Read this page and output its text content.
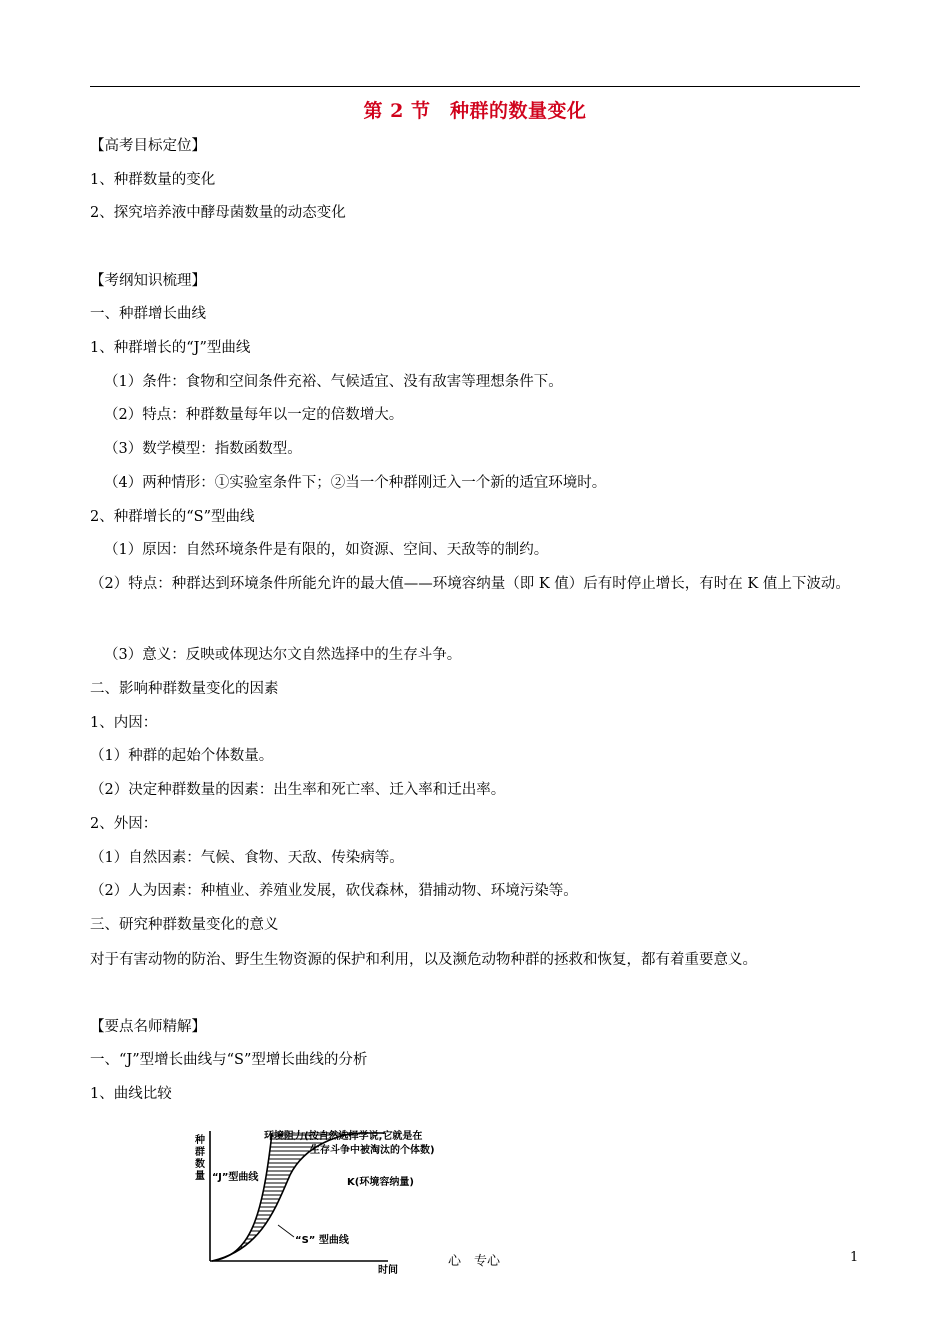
第 2 节　种群的数量变化
【高考目标定位】
1、种群数量的变化
2、探究培养液中酵母菌数量的动态变化
【考纲知识梳理】
一、种群增长曲线
1、种群增长的“J”型曲线
（1）条件：食物和空间条件充裕、气候适宜、没有敌害等理想条件下。
（2）特点：种群数量每年以一定的倍数增大。
（3）数学模型：指数函数型。
（4）两种情形：①实验室条件下；②当一个种群刚迁入一个新的适宜环境时。
2、种群增长的“S”型曲线
（1）原因：自然环境条件是有限的，如资源、空间、天敌等的制约。
（2）特点：种群达到环境条件所能允许的最大值——环境容纳量（即 K 值）后有时停止增长，有时在 K 值上下波动。
（3）意义：反映或体现达尔文自然选择中的生存斗争。
二、影响种群数量变化的因素
1、内因：
（1）种群的起始个体数量。
（2）决定种群数量的因素：出生率和死亡率、迁入率和迁出率。
2、外因：
（1）自然因素：气候、食物、天敌、传染病等。
（2）人为因素：种植业、养殖业发展，砍伐森林，猎捕动物、环境污染等。
三、研究种群数量变化的意义
对于有害动物的防治、野生生物资源的保护和利用，以及濒危动物种群的拯救和恢复，都有着重要意义。
【要点名师精解】
一、“J”型增长曲线与“S”型增长曲线的分析
1、曲线比较
种 群 数 量
环境阻力(按自然选择学说,它就是在
生存斗争中被淘汰的个体数)
“J”型曲线	K(环境容纳量)
“S” 型曲线
时间
心　专心	1
